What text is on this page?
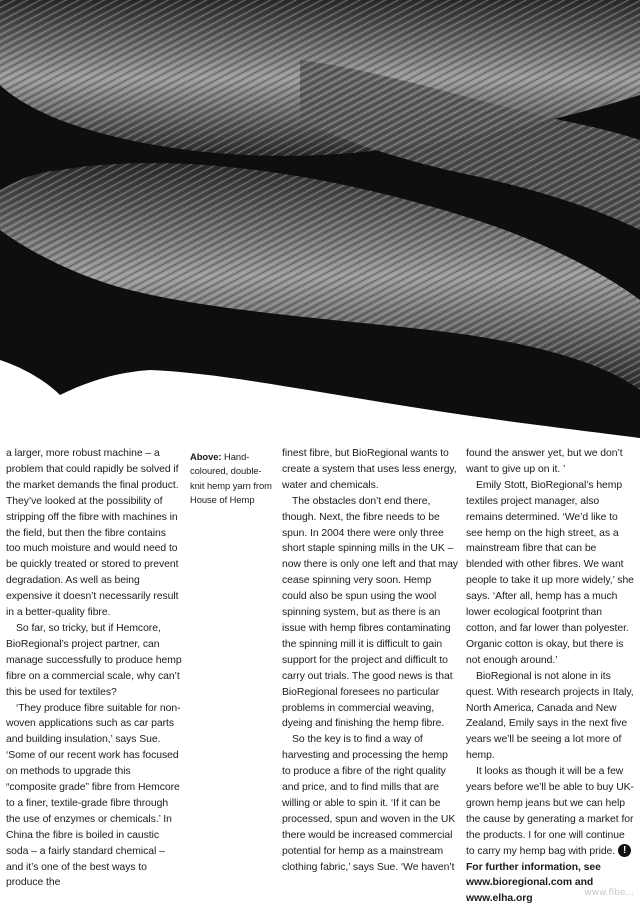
a larger, more robust machine – a problem that could rapidly be solved if the market demands the final product. They’ve looked at the possibility of stripping off the fibre with machines in the field, but then the fibre contains too much moisture and would need to be quickly treated or stored to prevent degradation. As well as being expensive it doesn’t necessarily result in a better-quality fibre.

So far, so tricky, but if Hemcore, BioRegional’s project partner, can manage successfully to produce hemp fibre on a commercial scale, why can’t this be used for textiles?

‘They produce fibre suitable for non-woven applications such as car parts and building insulation,’ says Sue. ‘Some of our recent work has focused on methods to upgrade this “composite grade” fibre from Hemcore to a finer, textile-grade fibre through the use of enzymes or chemicals.’ In China the fibre is boiled in caustic soda – a fairly standard chemical – and it’s one of the best ways to produce the

Above: Hand-coloured, double-knit hemp yarn from House of Hemp

finest fibre, but BioRegional wants to create a system that uses less energy, water and chemicals.

The obstacles don’t end there, though. Next, the fibre needs to be spun. In 2004 there were only three short staple spinning mills in the UK – now there is only one left and that may cease spinning very soon. Hemp could also be spun using the wool spinning system, but as there is an issue with hemp fibres contaminating the spinning mill it is difficult to gain support for the project and difficult to carry out trials. The good news is that BioRegional foresees no particular problems in commercial weaving, dyeing and finishing the hemp fibre.

So the key is to find a way of harvesting and processing the hemp to produce a fibre of the right quality and price, and to find mills that are willing or able to spin it. ‘If it can be processed, spun and woven in the UK there would be increased commercial potential for hemp as a mainstream clothing fabric,’ says Sue. ‘We haven’t

found the answer yet, but we don’t want to give up on it. ’

Emily Stott, BioRegional’s hemp textiles project manager, also remains determined. ‘We’d like to see hemp on the high street, as a mainstream fibre that can be blended with other fibres. We want people to take it up more widely,’ she says. ‘After all, hemp has a much lower ecological footprint than cotton, and far lower than polyester. Organic cotton is okay, but there is not enough around.’

BioRegional is not alone in its quest. With research projects in Italy, North America, Canada and New Zealand, Emily says in the next five years we’ll be seeing a lot more of hemp.

It looks as though it will be a few years before we’ll be able to buy UK-grown hemp jeans but we can help the cause by generating a market for the products. I for one will continue to carry my hemp bag with pride. !

For further information, see www.bioregional.com and www.elha.org	www.fibe...
